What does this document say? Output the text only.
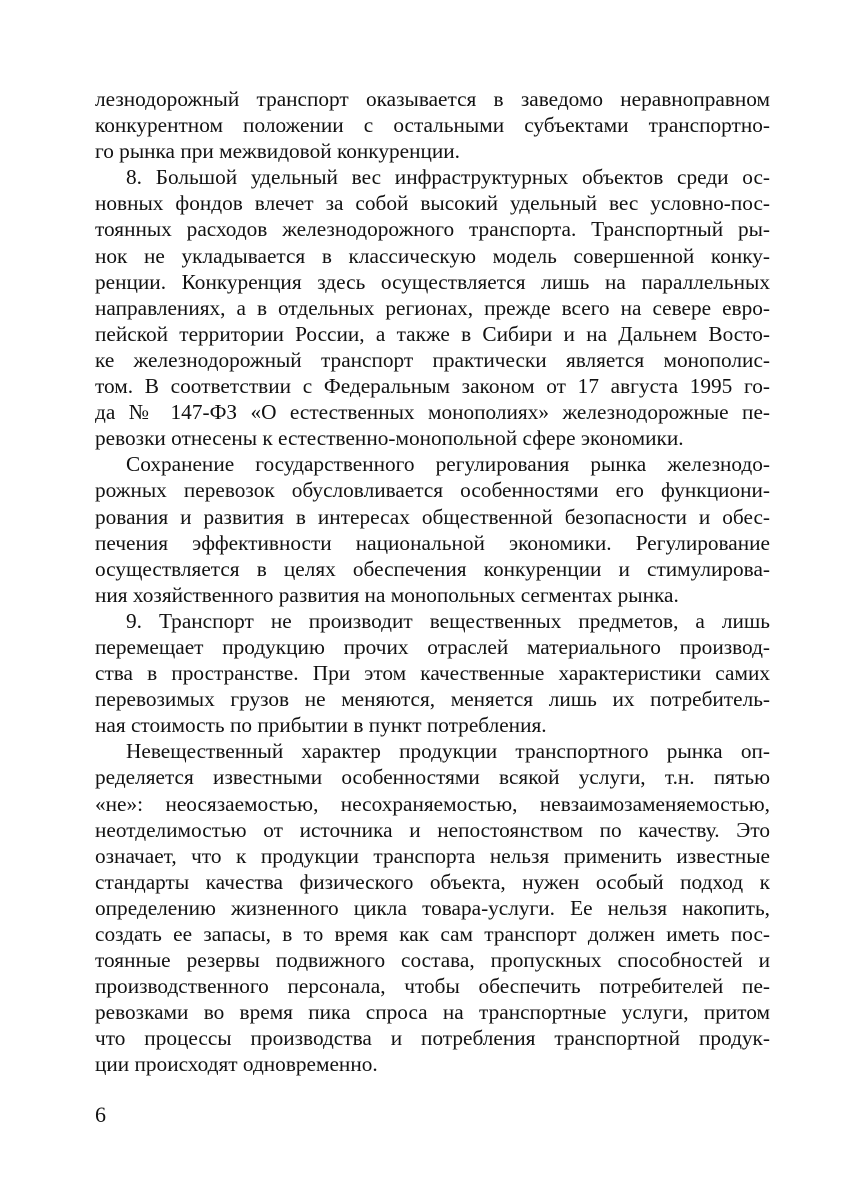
лезнодорожный транспорт оказывается в заведомо неравноправном
конкурентном положении с остальными субъектами транспортно-
го рынка при межвидовой конкуренции.
8. Большой удельный вес инфраструктурных объектов среди ос-
новных фондов влечет за собой высокий удельный вес условно-пос-
тоянных расходов железнодорожного транспорта. Транспортный ры-
нок не укладывается в классическую модель совершенной конку-
ренции. Конкуренция здесь осуществляется лишь на параллельных
направлениях, а в отдельных регионах, прежде всего на севере евро-
пейской территории России, а также в Сибири и на Дальнем Восто-
ке железнодорожный транспорт практически является монополис-
том. В соответствии с Федеральным законом от 17 августа 1995 го-
да № 147-ФЗ «О естественных монополиях» железнодорожные пе-
ревозки отнесены к естественно-монопольной сфере экономики.
Сохранение государственного регулирования рынка железнодо-
рожных перевозок обусловливается особенностями его функциони-
рования и развития в интересах общественной безопасности и обес-
печения эффективности национальной экономики. Регулирование
осуществляется в целях обеспечения конкуренции и стимулирова-
ния хозяйственного развития на монопольных сегментах рынка.
9. Транспорт не производит вещественных предметов, а лишь
перемещает продукцию прочих отраслей материального производ-
ства в пространстве. При этом качественные характеристики самих
перевозимых грузов не меняются, меняется лишь их потребитель-
ная стоимость по прибытии в пункт потребления.
Невещественный характер продукции транспортного рынка оп-
ределяется известными особенностями всякой услуги, т.н. пятью
«не»: неосязаемостью, несохраняемостью, невзаимозаменяемостью,
неотделимостью от источника и непостоянством по качеству. Это
означает, что к продукции транспорта нельзя применить известные
стандарты качества физического объекта, нужен особый подход к
определению жизненного цикла товара-услуги. Ее нельзя накопить,
создать ее запасы, в то время как сам транспорт должен иметь пос-
тоянные резервы подвижного состава, пропускных способностей и
производственного персонала, чтобы обеспечить потребителей пе-
ревозками во время пика спроса на транспортные услуги, притом
что процессы производства и потребления транспортной продук-
ции происходят одновременно.
6
